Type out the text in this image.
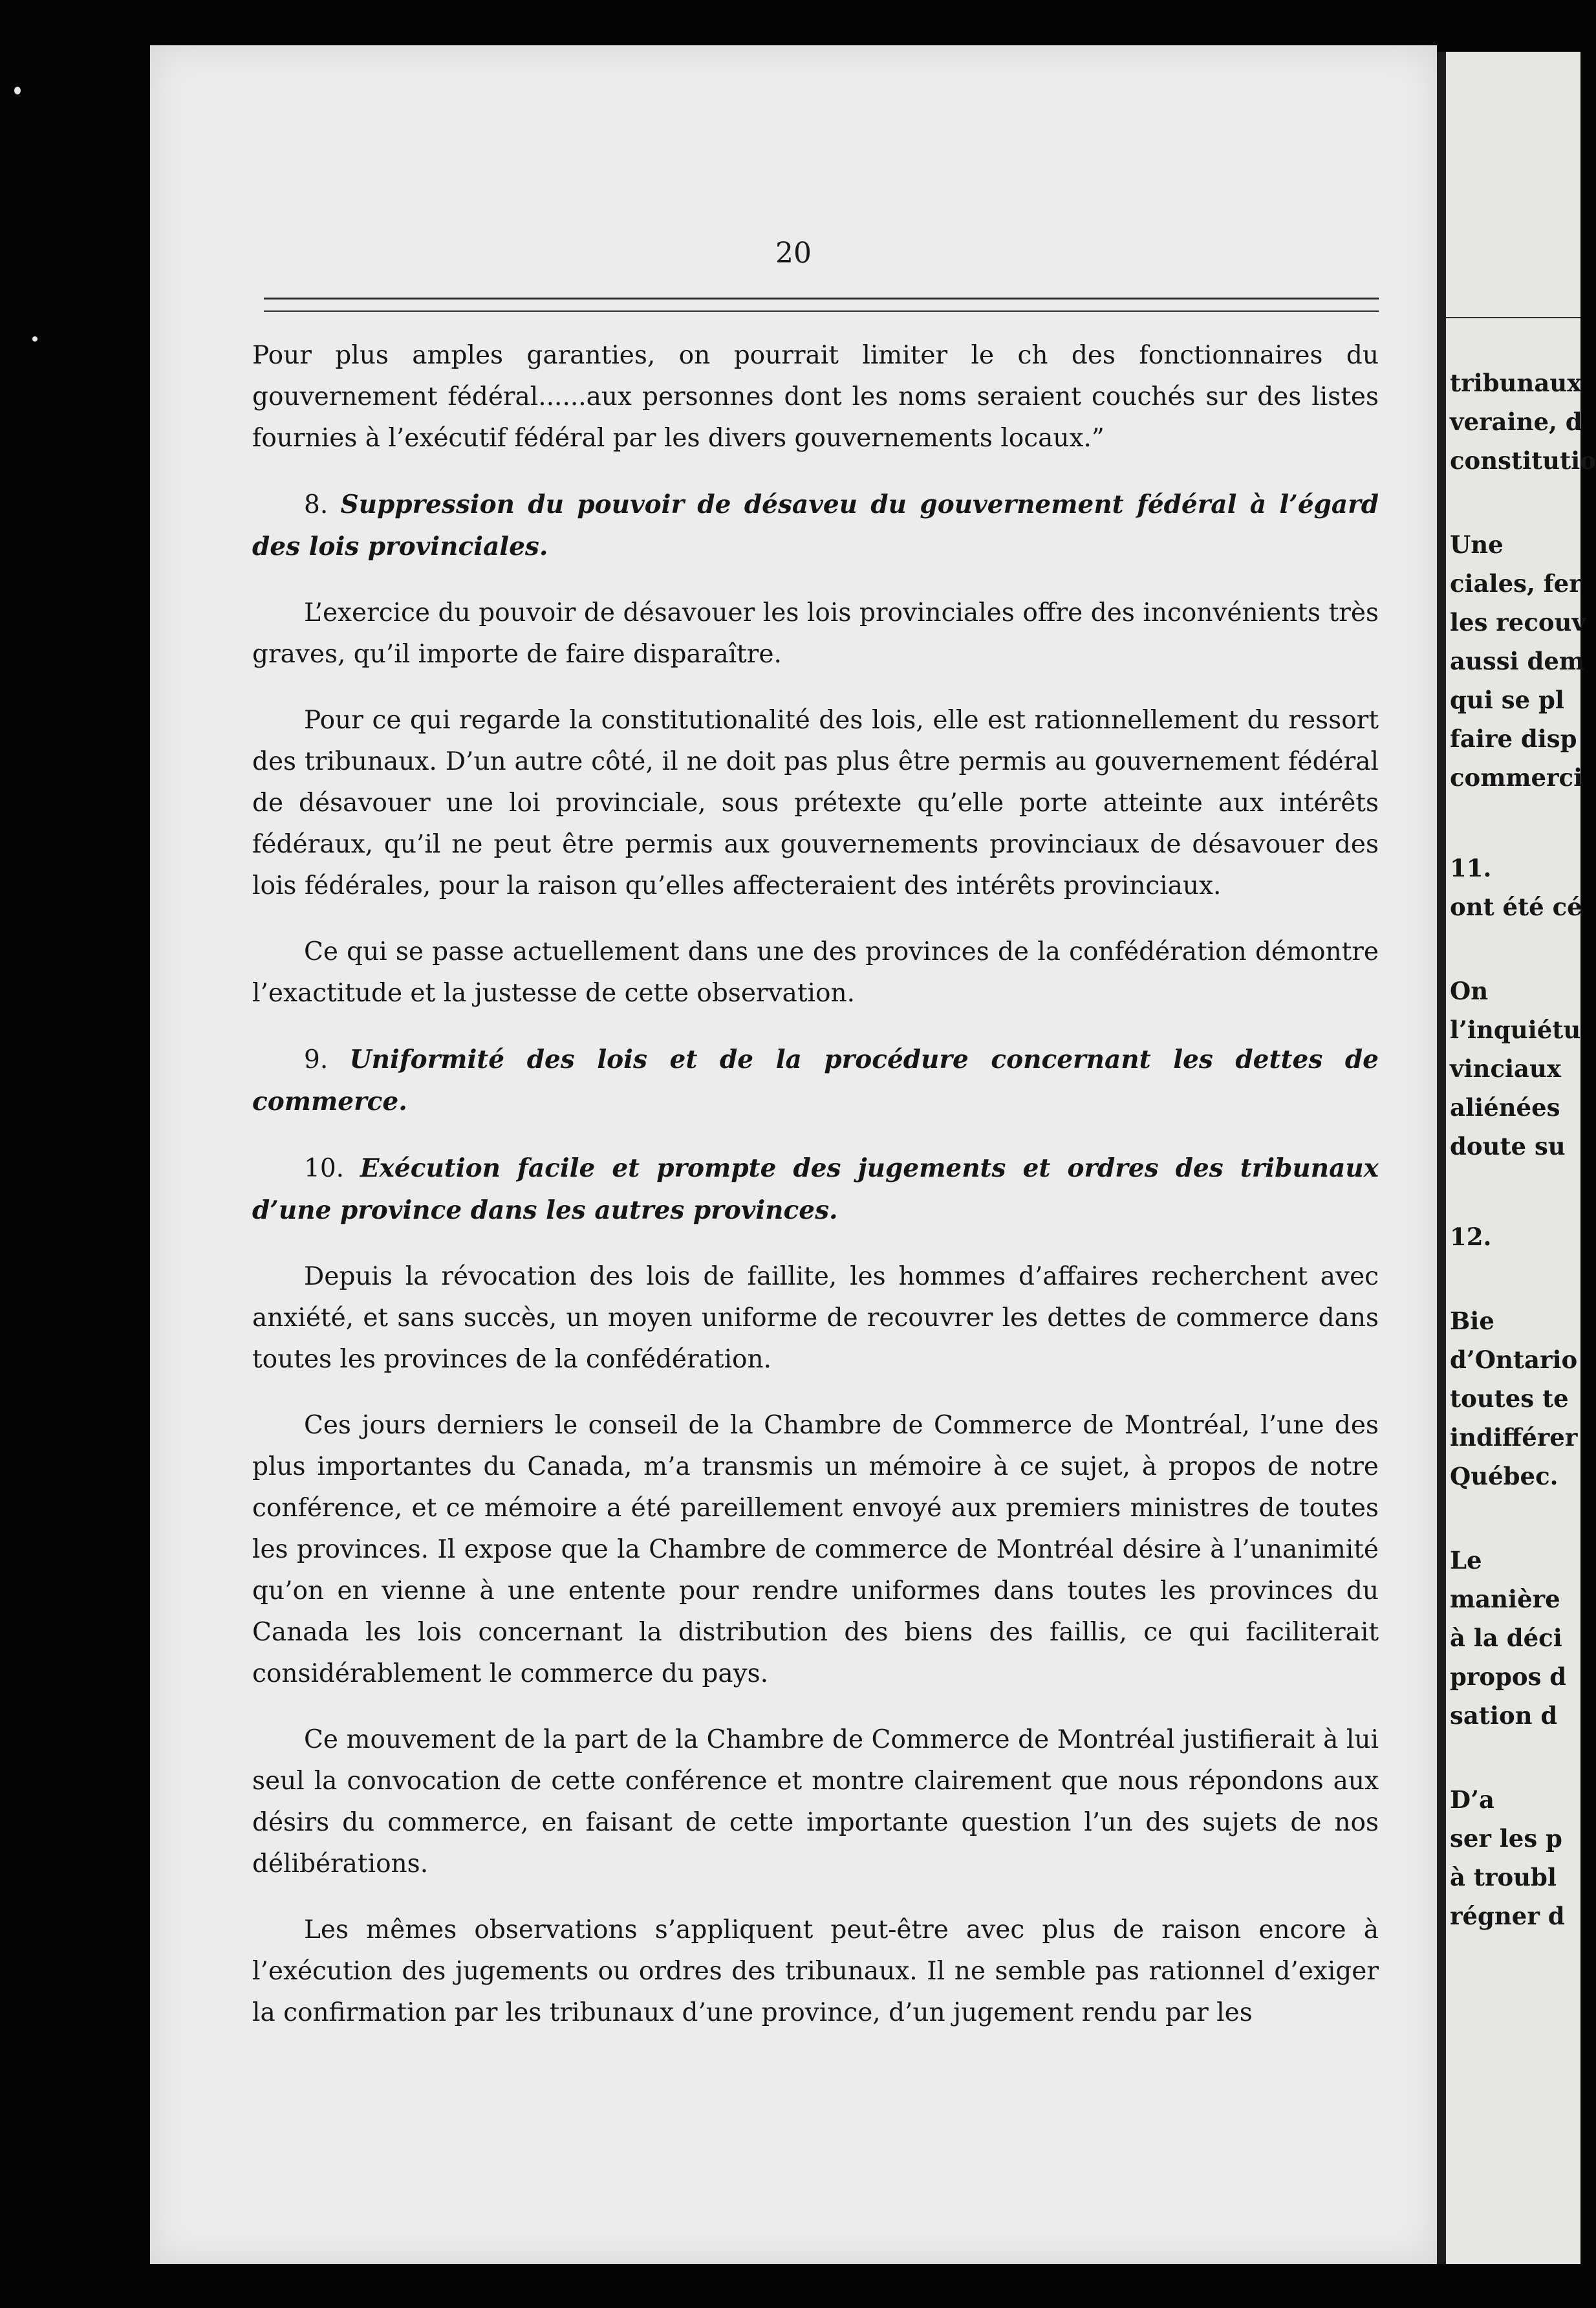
20

Pour plus amples garanties, on pourrait limiter le ch des fonctionnaires du gouvernement fédéral......aux personnes dont les noms seraient couchés sur des listes fournies à l’exécutif fédéral par les divers gouvernements locaux.”

8. Suppression du pouvoir de désaveu du gouvernement fédéral à l’égard des lois provinciales.

L’exercice du pouvoir de désavouer les lois provinciales offre des inconvénients très graves, qu’il importe de faire disparaître.

Pour ce qui regarde la constitutionalité des lois, elle est rationnellement du ressort des tribunaux. D’un autre côté, il ne doit pas plus être permis au gouvernement fédéral de désavouer une loi provinciale, sous prétexte qu’elle porte atteinte aux intérêts fédéraux, qu’il ne peut être permis aux gouvernements provinciaux de désavouer des lois fédérales, pour la raison qu’elles affecteraient des intérêts provinciaux.

Ce qui se passe actuellement dans une des provinces de la confédération démontre l’exactitude et la justesse de cette observation.

9. Uniformité des lois et de la procédure concernant les dettes de commerce.

10. Exécution facile et prompte des jugements et ordres des tribunaux d’une province dans les autres provinces.

Depuis la révocation des lois de faillite, les hommes d’affaires recherchent avec anxiété, et sans succès, un moyen uniforme de recouvrer les dettes de commerce dans toutes les provinces de la confédération.

Ces jours derniers le conseil de la Chambre de Commerce de Montréal, l’une des plus importantes du Canada, m’a transmis un mémoire à ce sujet, à propos de notre conférence, et ce mémoire a été pareillement envoyé aux premiers ministres de toutes les provinces. Il expose que la Chambre de commerce de Montréal désire à l’unanimité qu’on en vienne à une entente pour rendre uniformes dans toutes les provinces du Canada les lois concernant la distribution des biens des faillis, ce qui faciliterait considérablement le commerce du pays.

Ce mouvement de la part de la Chambre de Commerce de Montréal justifierait à lui seul la convocation de cette conférence et montre clairement que nous répondons aux désirs du commerce, en faisant de cette importante question l’un des sujets de nos délibérations.

Les mêmes observations s’appliquent peut-être avec plus de raison encore à l’exécution des jugements ou ordres des tribunaux. Il ne semble pas rationnel d’exiger la confirmation par les tribunaux d’une province, d’un jugement rendu par les

tribunaux
veraine, d
constitutio
Une
ciales, fer
les recouv
aussi dem
qui se pl
faire disp
commerci
11.
ont été cé
On
l’inquiétu
vinciaux
aliénées
doute su
12.
Bie
d’Ontario
toutes te
indifférer
Québec.
Le
manière
à la déci
propos d
sation d
D’a
ser les p
à troubl
régner d
